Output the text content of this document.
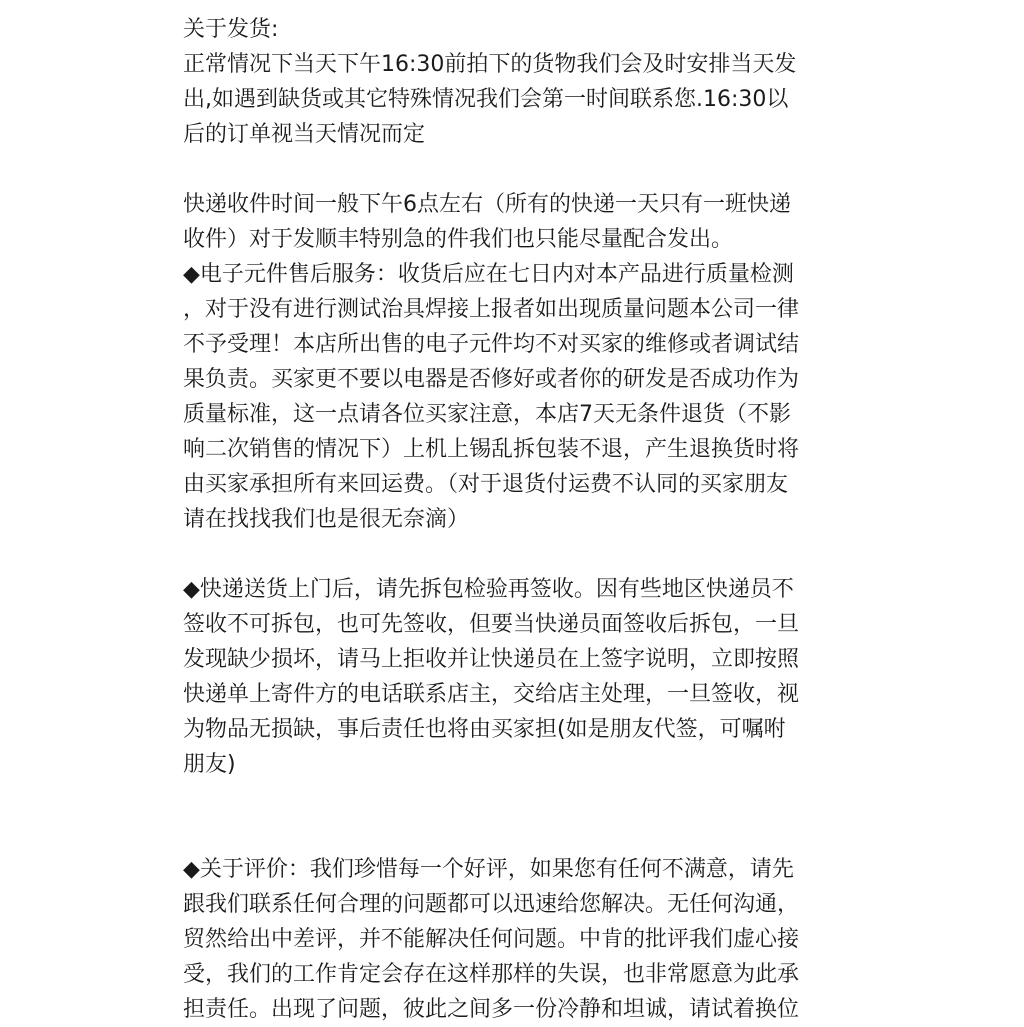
关于发货:
正常情况下当天下午16:30前拍下的货物我们会及时安排当天发
出,如遇到缺货或其它特殊情况我们会第一时间联系您.16:30以
后的订单视当天情况而定
快递收件时间一般下午6点左右（所有的快递一天只有一班快递
收件）对于发顺丰特别急的件我们也只能尽量配合发出。
◆电子元件售后服务：收货后应在七日内对本产品进行质量检测
，对于没有进行测试治具焊接上报者如出现质量问题本公司一律
不予受理！本店所出售的电子元件均不对买家的维修或者调试结
果负责。买家更不要以电器是否修好或者你的研发是否成功作为
质量标准，这一点请各位买家注意，本店7天无条件退货（不影
响二次销售的情况下）上机上锡乱拆包装不退，产生退换货时将
由买家承担所有来回运费。（对于退货付运费不认同的买家朋友
请在找找我们也是很无奈滴）
◆快递送货上门后，请先拆包检验再签收。因有些地区快递员不
签收不可拆包，也可先签收，但要当快递员面签收后拆包，一旦
发现缺少损坏，请马上拒收并让快递员在上签字说明，立即按照
快递单上寄件方的电话联系店主，交给店主处理，一旦签收，视
为物品无损缺，事后责任也将由买家担(如是朋友代签，可嘱咐
朋友)
◆关于评价：我们珍惜每一个好评，如果您有任何不满意，请先
跟我们联系任何合理的问题都可以迅速给您解决。无任何沟通，
贸然给出中差评，并不能解决任何问题。中肯的批评我们虚心接
受，我们的工作肯定会存在这样那样的失误，也非常愿意为此承
担责任。出现了问题，彼此之间多一份冷静和坦诚，请试着换位
